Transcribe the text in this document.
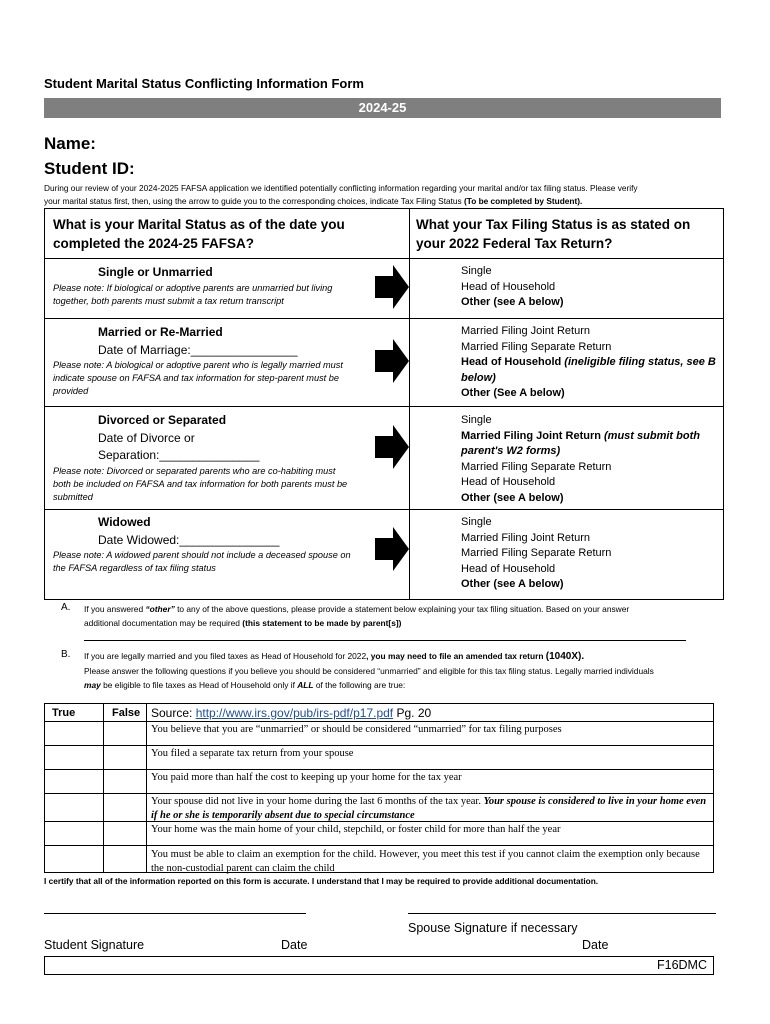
Student Marital Status Conflicting Information Form
2024-25
Name:
Student ID:
During our review of your 2024-2025 FAFSA application we identified potentially conflicting information regarding your marital and/or tax filing status. Please verify
your marital status first, then, using the arrow to guide you to the corresponding choices, indicate Tax Filing Status (To be completed by Student).
What is your Marital Status as of the date you completed the 2024-25 FAFSA?
What your Tax Filing Status is as stated on your 2022 Federal Tax Return?
Single or Unmarried
Please note: If biological or adoptive parents are unmarried but living together, both parents must submit a tax return transcript
Single
Head of Household
Other (see A below)
Married or Re-Married
Date of Marriage:________________
Please note: A biological or adoptive parent who is legally married must indicate spouse on FAFSA and tax information for step-parent must be provided
Married Filing Joint Return
Married Filing Separate Return
Head of Household (ineligible filing status, see B below)
Other (See A below)
Divorced or Separated
Date of Divorce or
Separation:_______________
Please note: Divorced or separated parents who are co-habiting must both be included on FAFSA and tax information for both parents must be submitted
Single
Married Filing Joint Return (must submit both parent's W2 forms)
Married Filing Separate Return
Head of Household
Other (see A below)
Widowed
Date Widowed:_______________
Please note: A widowed parent should not include a deceased spouse on the FAFSA regardless of tax filing status
Single
Married Filing Joint Return
Married Filing Separate Return
Head of Household
Other (see A below)
A. If you answered “other” to any of the above questions, please provide a statement below explaining your tax filing situation. Based on your answer
additional documentation may be required (this statement to be made by parent[s])
B. If you are legally married and you filed taxes as Head of Household for 2022, you may need to file an amended tax return (1040X).
Please answer the following questions if you believe you should be considered “unmarried” and eligible for this tax filing status. Legally married individuals
may be eligible to file taxes as Head of Household only if ALL of the following are true:
True	False Source: http://www.irs.gov/pub/irs-pdf/p17.pdf Pg. 20
You believe that you are “unmarried” or should be considered “unmarried” for tax filing purposes
You filed a separate tax return from your spouse
You paid more than half the cost to keeping up your home for the tax year
Your spouse did not live in your home during the last 6 months of the tax year. Your spouse is considered to live in your home even if he or she is temporarily absent due to special circumstance
Your home was the main home of your child, stepchild, or foster child for more than half the year
You must be able to claim an exemption for the child. However, you meet this test if you cannot claim the exemption only because the non-custodial parent can claim the child
I certify that all of the information reported on this form is accurate. I understand that I may be required to provide additional documentation.
Spouse Signature if necessary
Student Signature	Date	Date
F16DMC
